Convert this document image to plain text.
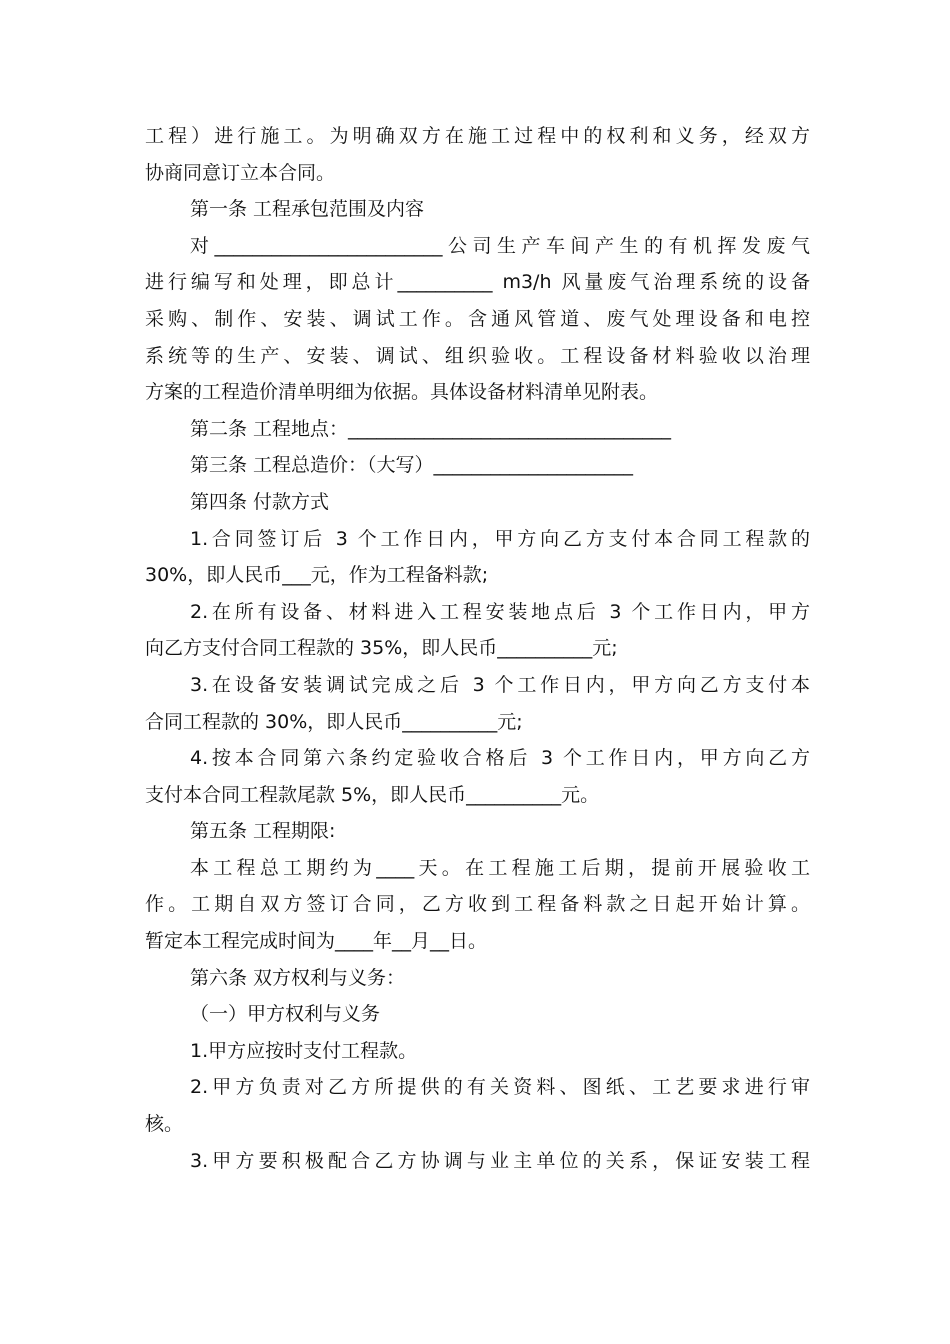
工程）进行施工。为明确双方在施工过程中的权利和义务，经双方
协商同意订立本合同。
第一条 工程承包范围及内容
对________________________公司生产车间产生的有机挥发废气
进行编写和处理，即总计__________ m3/h 风量废气治理系统的设备
采购、制作、安装、调试工作。含通风管道、废气处理设备和电控
系统等的生产、安装、调试、组织验收。工程设备材料验收以治理
方案的工程造价清单明细为依据。具体设备材料清单见附表。
第二条 工程地点：__________________________________
第三条 工程总造价：（大写）_____________________
第四条 付款方式
1.合同签订后 3 个工作日内，甲方向乙方支付本合同工程款的
30%，即人民币___元，作为工程备料款;
2.在所有设备、材料进入工程安装地点后 3 个工作日内，甲方
向乙方支付合同工程款的 35%，即人民币__________元;
3.在设备安装调试完成之后 3 个工作日内，甲方向乙方支付本
合同工程款的 30%，即人民币__________元;
4.按本合同第六条约定验收合格后 3 个工作日内，甲方向乙方
支付本合同工程款尾款 5%，即人民币__________元。
第五条 工程期限:
本工程总工期约为____天。在工程施工后期，提前开展验收工
作。工期自双方签订合同，乙方收到工程备料款之日起开始计算。
暂定本工程完成时间为____年__月__日。
第六条 双方权利与义务：
（一）甲方权利与义务
1.甲方应按时支付工程款。
2.甲方负责对乙方所提供的有关资料、图纸、工艺要求进行审
核。
3.甲方要积极配合乙方协调与业主单位的关系，保证安装工程
